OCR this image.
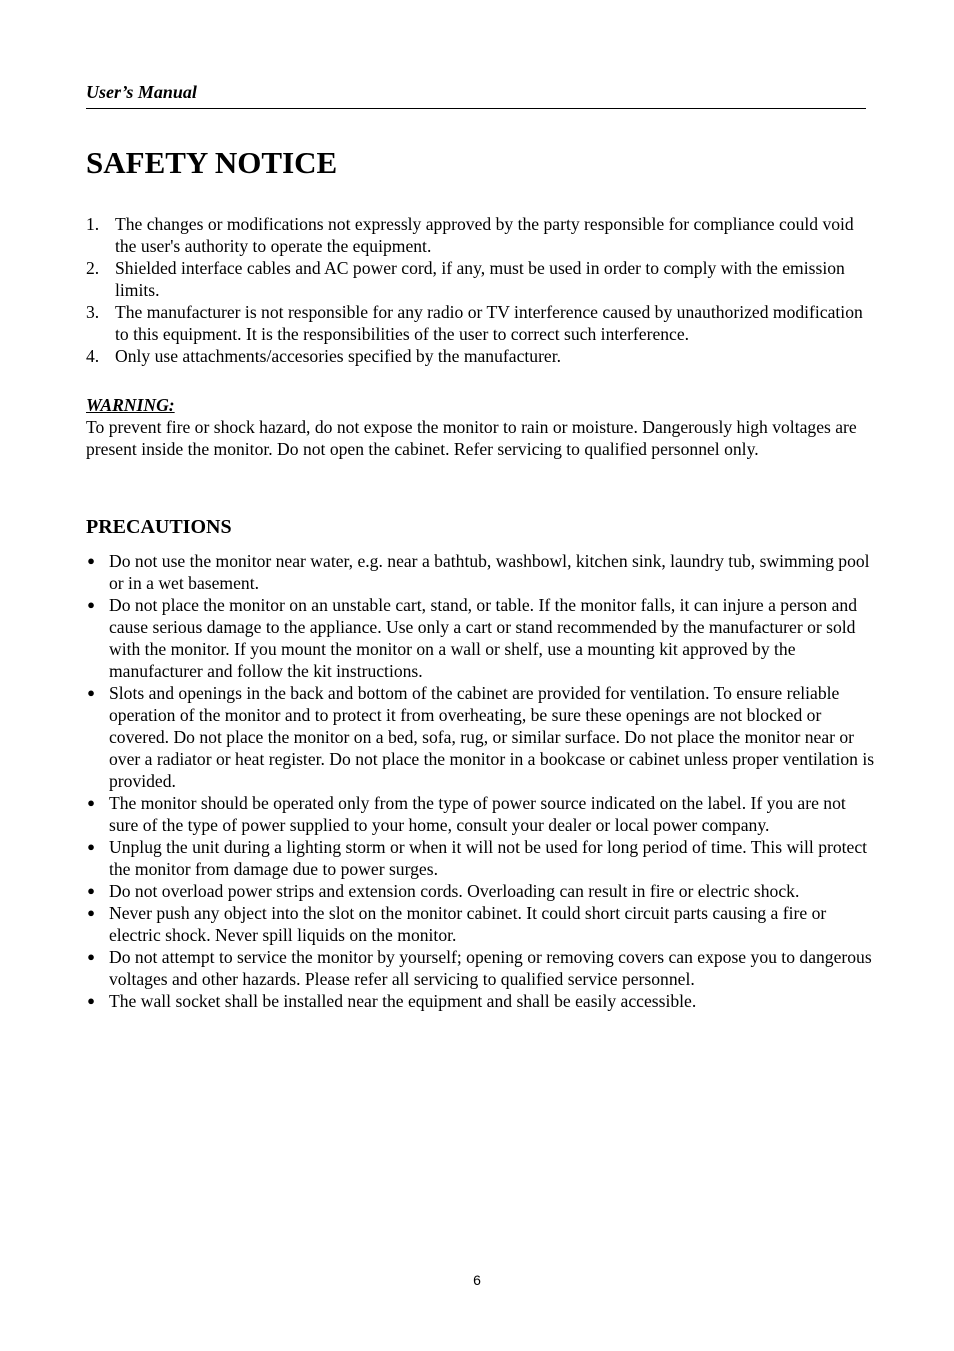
User’s Manual
SAFETY NOTICE
1. The changes or modifications not expressly approved by the party responsible for compliance could void the user's authority to operate the equipment.
2. Shielded interface cables and AC power cord, if any, must be used in order to comply with the emission limits.
3. The manufacturer is not responsible for any radio or TV interference caused by unauthorized modification to this equipment. It is the responsibilities of the user to correct such interference.
4. Only use attachments/accesories specified by the manufacturer.
WARNING:
To prevent fire or shock hazard, do not expose the monitor to rain or moisture. Dangerously high voltages are present inside the monitor. Do not open the cabinet. Refer servicing to qualified personnel only.
PRECAUTIONS
● Do not use the monitor near water, e.g. near a bathtub, washbowl, kitchen sink, laundry tub, swimming pool or in a wet basement.
● Do not place the monitor on an unstable cart, stand, or table. If the monitor falls, it can injure a person and cause serious damage to the appliance. Use only a cart or stand recommended by the manufacturer or sold with the monitor. If you mount the monitor on a wall or shelf, use a mounting kit approved by the manufacturer and follow the kit instructions.
● Slots and openings in the back and bottom of the cabinet are provided for ventilation. To ensure reliable operation of the monitor and to protect it from overheating, be sure these openings are not blocked or covered. Do not place the monitor on a bed, sofa, rug, or similar surface. Do not place the monitor near or over a radiator or heat register. Do not place the monitor in a bookcase or cabinet unless proper ventilation is provided.
● The monitor should be operated only from the type of power source indicated on the label. If you are not sure of the type of power supplied to your home, consult your dealer or local power company.
● Unplug the unit during a lighting storm or when it will not be used for long period of time. This will protect the monitor from damage due to power surges.
● Do not overload power strips and extension cords. Overloading can result in fire or electric shock.
● Never push any object into the slot on the monitor cabinet. It could short circuit parts causing a fire or electric shock. Never spill liquids on the monitor.
● Do not attempt to service the monitor by yourself; opening or removing covers can expose you to dangerous voltages and other hazards. Please refer all servicing to qualified service personnel.
● The wall socket shall be installed near the equipment and shall be easily accessible.
6
